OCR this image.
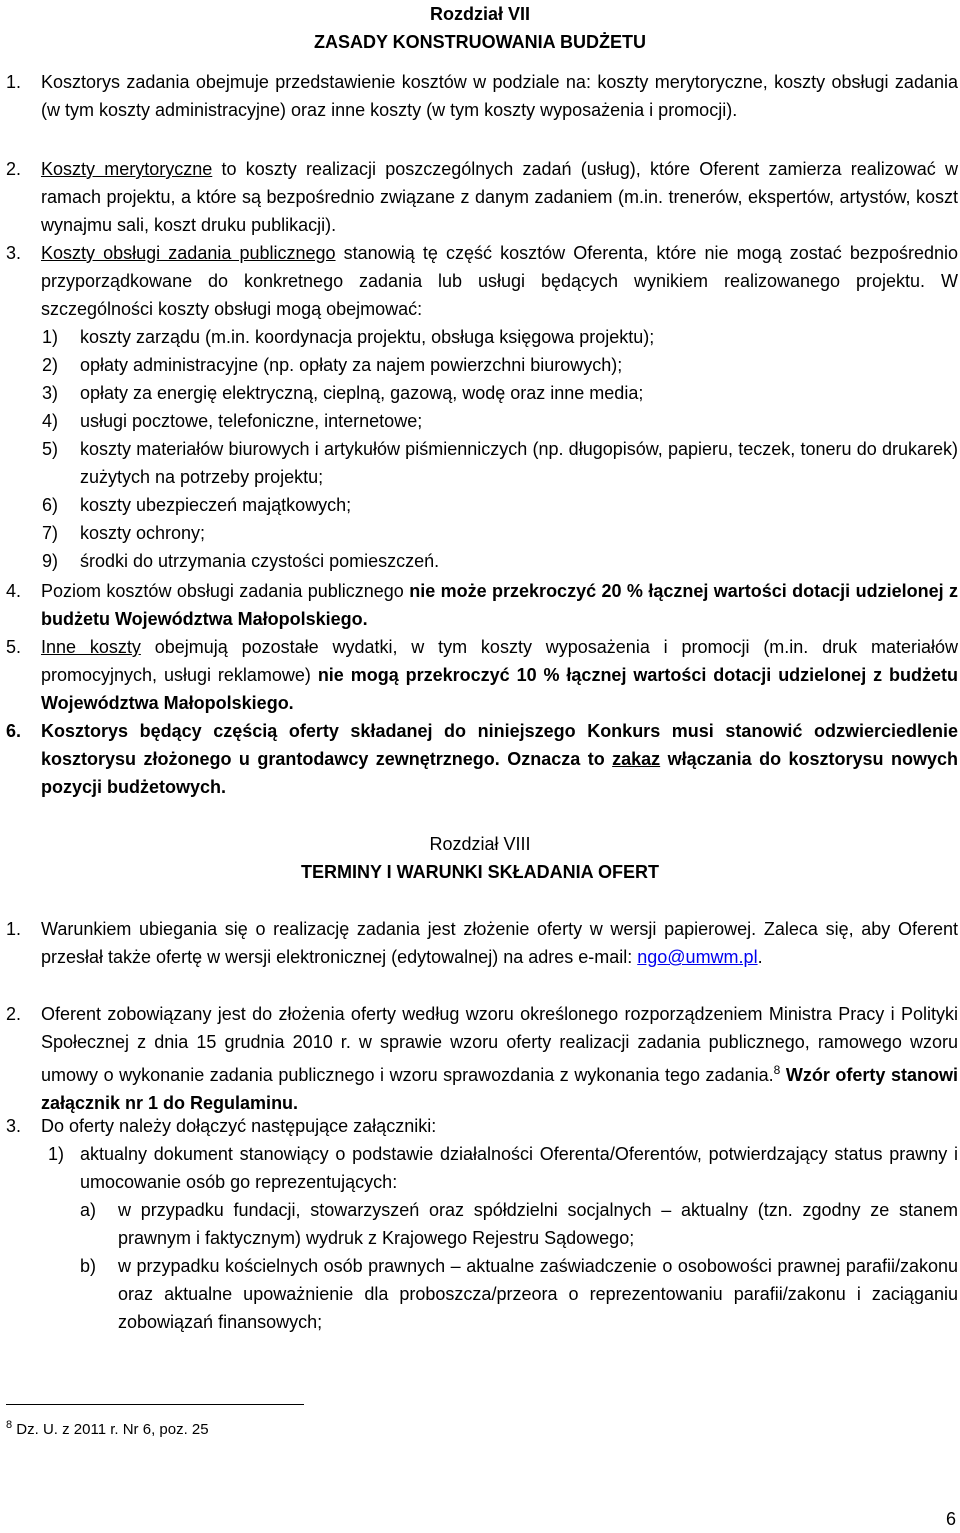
Rozdział VII

ZASADY KONSTRUOWANIA BUDŻETU

1.	Kosztorys zadania obejmuje przedstawienie kosztów w podziale na: koszty merytoryczne, koszty obsługi zadania (w tym koszty administracyjne) oraz inne koszty (w tym koszty wyposażenia i promocji).
2.	Koszty merytoryczne to koszty realizacji poszczególnych zadań (usług), które Oferent zamierza realizować w ramach projektu, a które są bezpośrednio związane z danym zadaniem (m.in. trenerów, ekspertów, artystów, koszt wynajmu sali, koszt druku publikacji).
3.	Koszty obsługi zadania publicznego stanowią tę część kosztów Oferenta, które nie mogą zostać bezpośrednio przyporządkowane do konkretnego zadania lub usługi będących wynikiem realizowanego projektu. W szczególności koszty obsługi mogą obejmować:
1) koszty zarządu (m.in. koordynacja projektu, obsługa księgowa projektu);
2) opłaty administracyjne (np. opłaty za najem powierzchni biurowych);
3) opłaty za energię elektryczną, cieplną, gazową, wodę oraz inne media;
4) usługi pocztowe, telefoniczne, internetowe;
5) koszty materiałów biurowych i artykułów piśmienniczych (np. długopisów, papieru, teczek, toneru do drukarek) zużytych na potrzeby projektu;
6) koszty ubezpieczeń majątkowych;
7) koszty ochrony;
9) środki do utrzymania czystości pomieszczeń.
4.	Poziom kosztów obsługi zadania publicznego nie może przekroczyć 20 % łącznej wartości dotacji udzielonej z budżetu Województwa Małopolskiego.
5.	Inne koszty obejmują pozostałe wydatki, w tym koszty wyposażenia i promocji (m.in. druk materiałów promocyjnych, usługi reklamowe) nie mogą przekroczyć 10 % łącznej wartości dotacji udzielonej z budżetu Województwa Małopolskiego.
6.	Kosztorys będący częścią oferty składanej do niniejszego Konkurs musi stanowić odzwierciedlenie kosztorysu złożonego u grantodawcy zewnętrznego. Oznacza to zakaz włączania do kosztorysu nowych pozycji budżetowych.

Rozdział VIII

TERMINY I WARUNKI SKŁADANIA OFERT

1.	Warunkiem ubiegania się o realizację zadania jest złożenie oferty w wersji papierowej. Zaleca się, aby Oferent przesłał także ofertę w wersji elektronicznej (edytowalnej) na adres e-mail: ngo@umwm.pl.
2.	Oferent zobowiązany jest do złożenia oferty według wzoru określonego rozporządzeniem Ministra Pracy i Polityki Społecznej z dnia 15 grudnia 2010 r. w sprawie wzoru oferty realizacji zadania publicznego, ramowego wzoru umowy o wykonanie zadania publicznego i wzoru sprawozdania z wykonania tego zadania.$^8$ Wzór oferty stanowi załącznik nr 1 do Regulaminu.
3.	Do oferty należy dołączyć następujące załączniki:
1) aktualny dokument stanowiący o podstawie działalności Oferenta/Oferentów, potwierdzający status prawny i umocowanie osób go reprezentujących:
a) w przypadku fundacji, stowarzyszeń oraz spółdzielni socjalnych – aktualny (tzn. zgodny ze stanem prawnym i faktycznym) wydruk z Krajowego Rejestru Sądowego;
b) w przypadku kościelnych osób prawnych – aktualne zaświadczenie o osobowości prawnej parafii/zakonu oraz aktualne upoważnienie dla proboszcza/przeora o reprezentowaniu parafii/zakonu i zaciąganiu zobowiązań finansowych;
$^8$ Dz. U. z 2011 r. Nr 6, poz. 25
6
